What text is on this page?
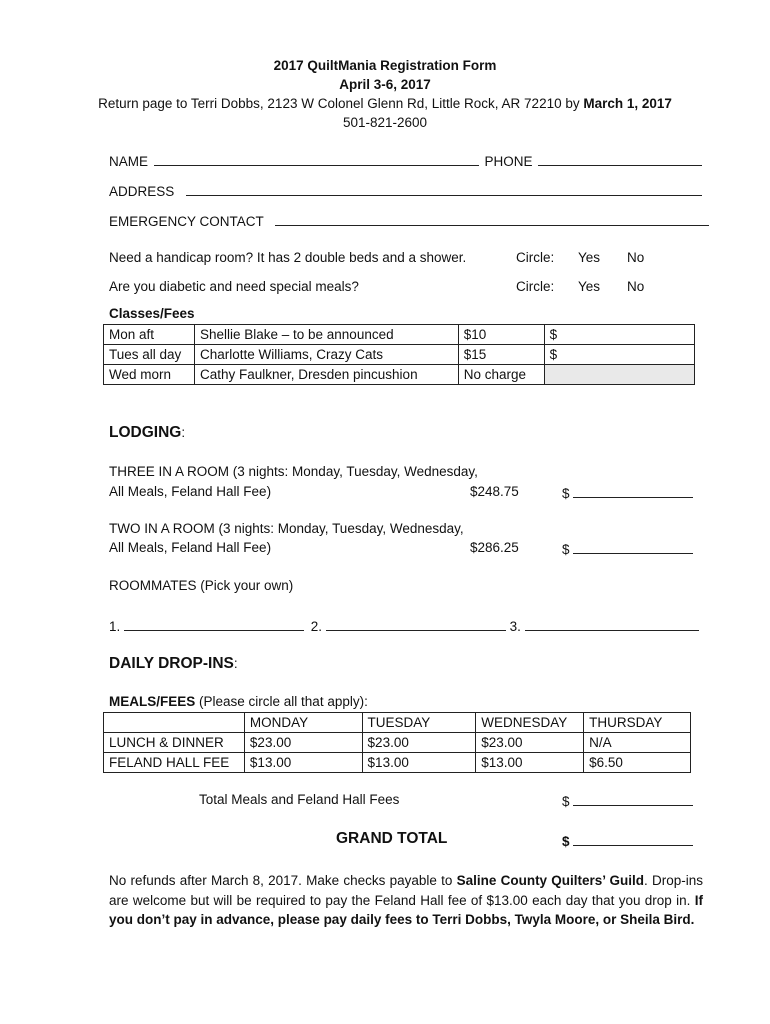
2017 QuiltMania Registration Form
April 3-6, 2017
Return page to Terri Dobbs, 2123 W Colonel Glenn Rd, Little Rock, AR 72210 by March 1, 2017
501-821-2600
NAME	PHONE
ADDRESS
EMERGENCY CONTACT
Need a handicap room? It has 2 double beds and a shower.	Circle: Yes No
Are you diabetic and need special meals?	Circle: Yes No
Classes/Fees
Mon aft	Shellie Blake – to be announced	$10	$
Tues all day	Charlotte Williams, Crazy Cats	$15	$
Wed morn	Cathy Faulkner, Dresden pincushion	No charge	
LODGING:
THREE IN A ROOM (3 nights: Monday, Tuesday, Wednesday,
All Meals, Feland Hall Fee)	$248.75	$
TWO IN A ROOM (3 nights: Monday, Tuesday, Wednesday,
All Meals, Feland Hall Fee)	$286.25	$
ROOMMATES (Pick your own)
1.	2.	3.
DAILY DROP-INS:
MEALS/FEES (Please circle all that apply):
	MONDAY	TUESDAY	WEDNESDAY	THURSDAY
LUNCH & DINNER	$23.00	$23.00	$23.00	N/A
FELAND HALL FEE	$13.00	$13.00	$13.00	$6.50
Total Meals and Feland Hall Fees	$
GRAND TOTAL	$
No refunds after March 8, 2017. Make checks payable to Saline County Quilters’ Guild. Drop-ins are welcome but will be required to pay the Feland Hall fee of $13.00 each day that you drop in. If you don’t pay in advance, please pay daily fees to Terri Dobbs, Twyla Moore, or Sheila Bird.
